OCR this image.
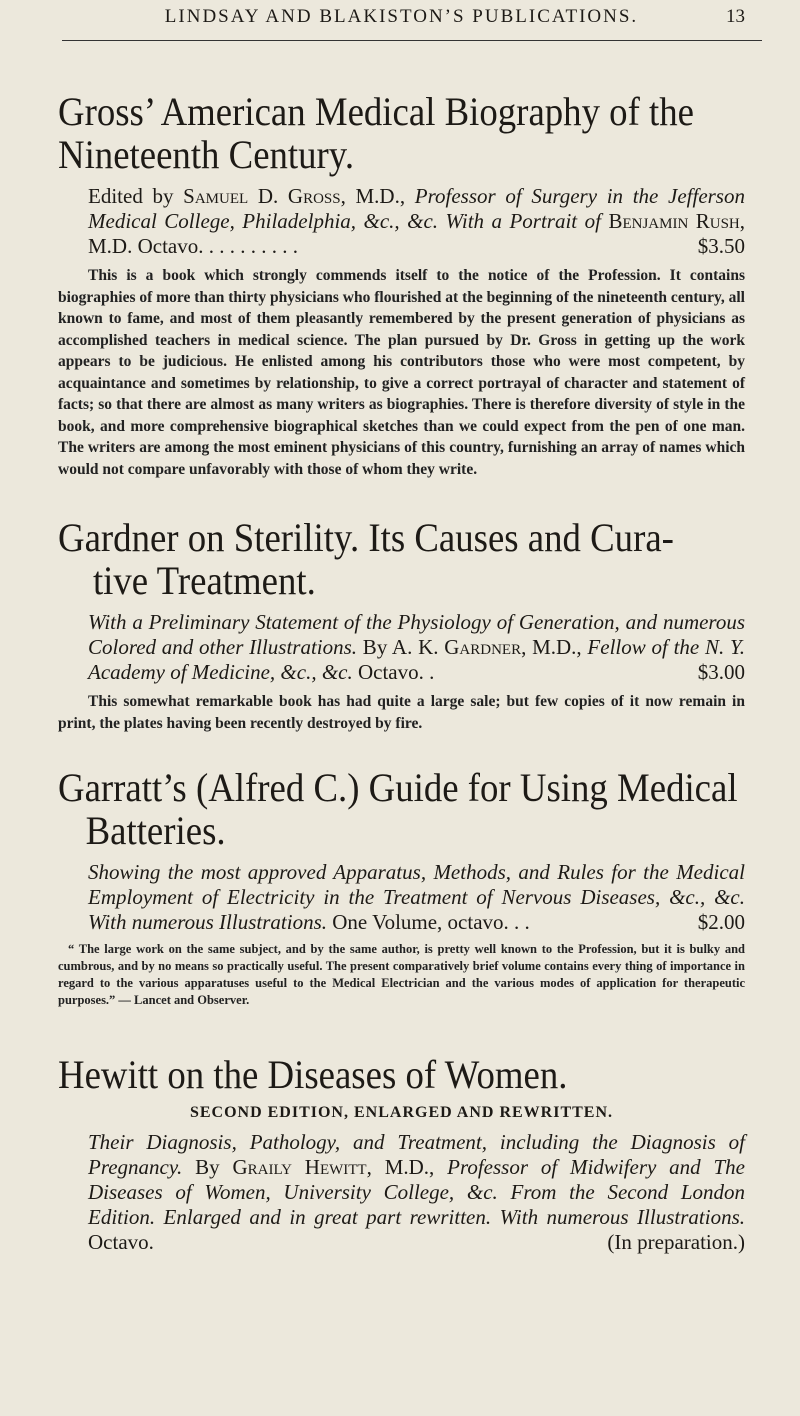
LINDSAY AND BLAKISTON’S PUBLICATIONS.	13
Gross’ American Medical Biography of the
Nineteenth Century.

Edited by Samuel D. Gross, M.D., Professor of Surgery in the Jefferson Medical College, Philadelphia, &c., &c. With a Portrait of Benjamin Rush, M.D. Octavo. . . . . . . . . .	$3.50

This is a book which strongly commends itself to the notice of the Profession. It contains biographies of more than thirty physicians who flourished at the beginning of the nineteenth century, all known to fame, and most of them pleasantly remembered by the present generation of physicians as accomplished teachers in medical science. The plan pursued by Dr. Gross in getting up the work appears to be judicious. He enlisted among his contributors those who were most competent, by acquaintance and sometimes by relationship, to give a correct portrayal of character and statement of facts; so that there are almost as many writers as biographies. There is therefore diversity of style in the book, and more comprehensive biographical sketches than we could expect from the pen of one man. The writers are among the most eminent physicians of this country, furnishing an array of names which would not compare unfavorably with those of whom they write.

Gardner on Sterility. Its Causes and Cura-
tive Treatment.

With a Preliminary Statement of the Physiology of Generation, and numerous Colored and other Illustrations. By A. K. Gardner, M.D., Fellow of the N. Y. Academy of Medicine, &c., &c. Octavo. .	$3.00

This somewhat remarkable book has had quite a large sale; but few copies of it now remain in print, the plates having been recently destroyed by fire.

Garratt’s (Alfred C.) Guide for Using Medical
Batteries.

Showing the most approved Apparatus, Methods, and Rules for the Medical Employment of Electricity in the Treatment of Nervous Diseases, &c., &c. With numerous Illustrations. One Volume, octavo. . .	$2.00

“ The large work on the same subject, and by the same author, is pretty well known to the Profession, but it is bulky and cumbrous, and by no means so practically useful. The present comparatively brief volume contains every thing of importance in regard to the various apparatuses useful to the Medical Electrician and the various modes of application for therapeutic purposes.” — Lancet and Observer.

Hewitt on the Diseases of Women.
SECOND EDITION, ENLARGED AND REWRITTEN.

Their Diagnosis, Pathology, and Treatment, including the Diagnosis of Pregnancy. By Graily Hewitt, M.D., Professor of Midwifery and The Diseases of Women, University College, &c. From the Second London Edition. Enlarged and in great part rewritten. With numerous Illustrations. Octavo.	(In preparation.)
